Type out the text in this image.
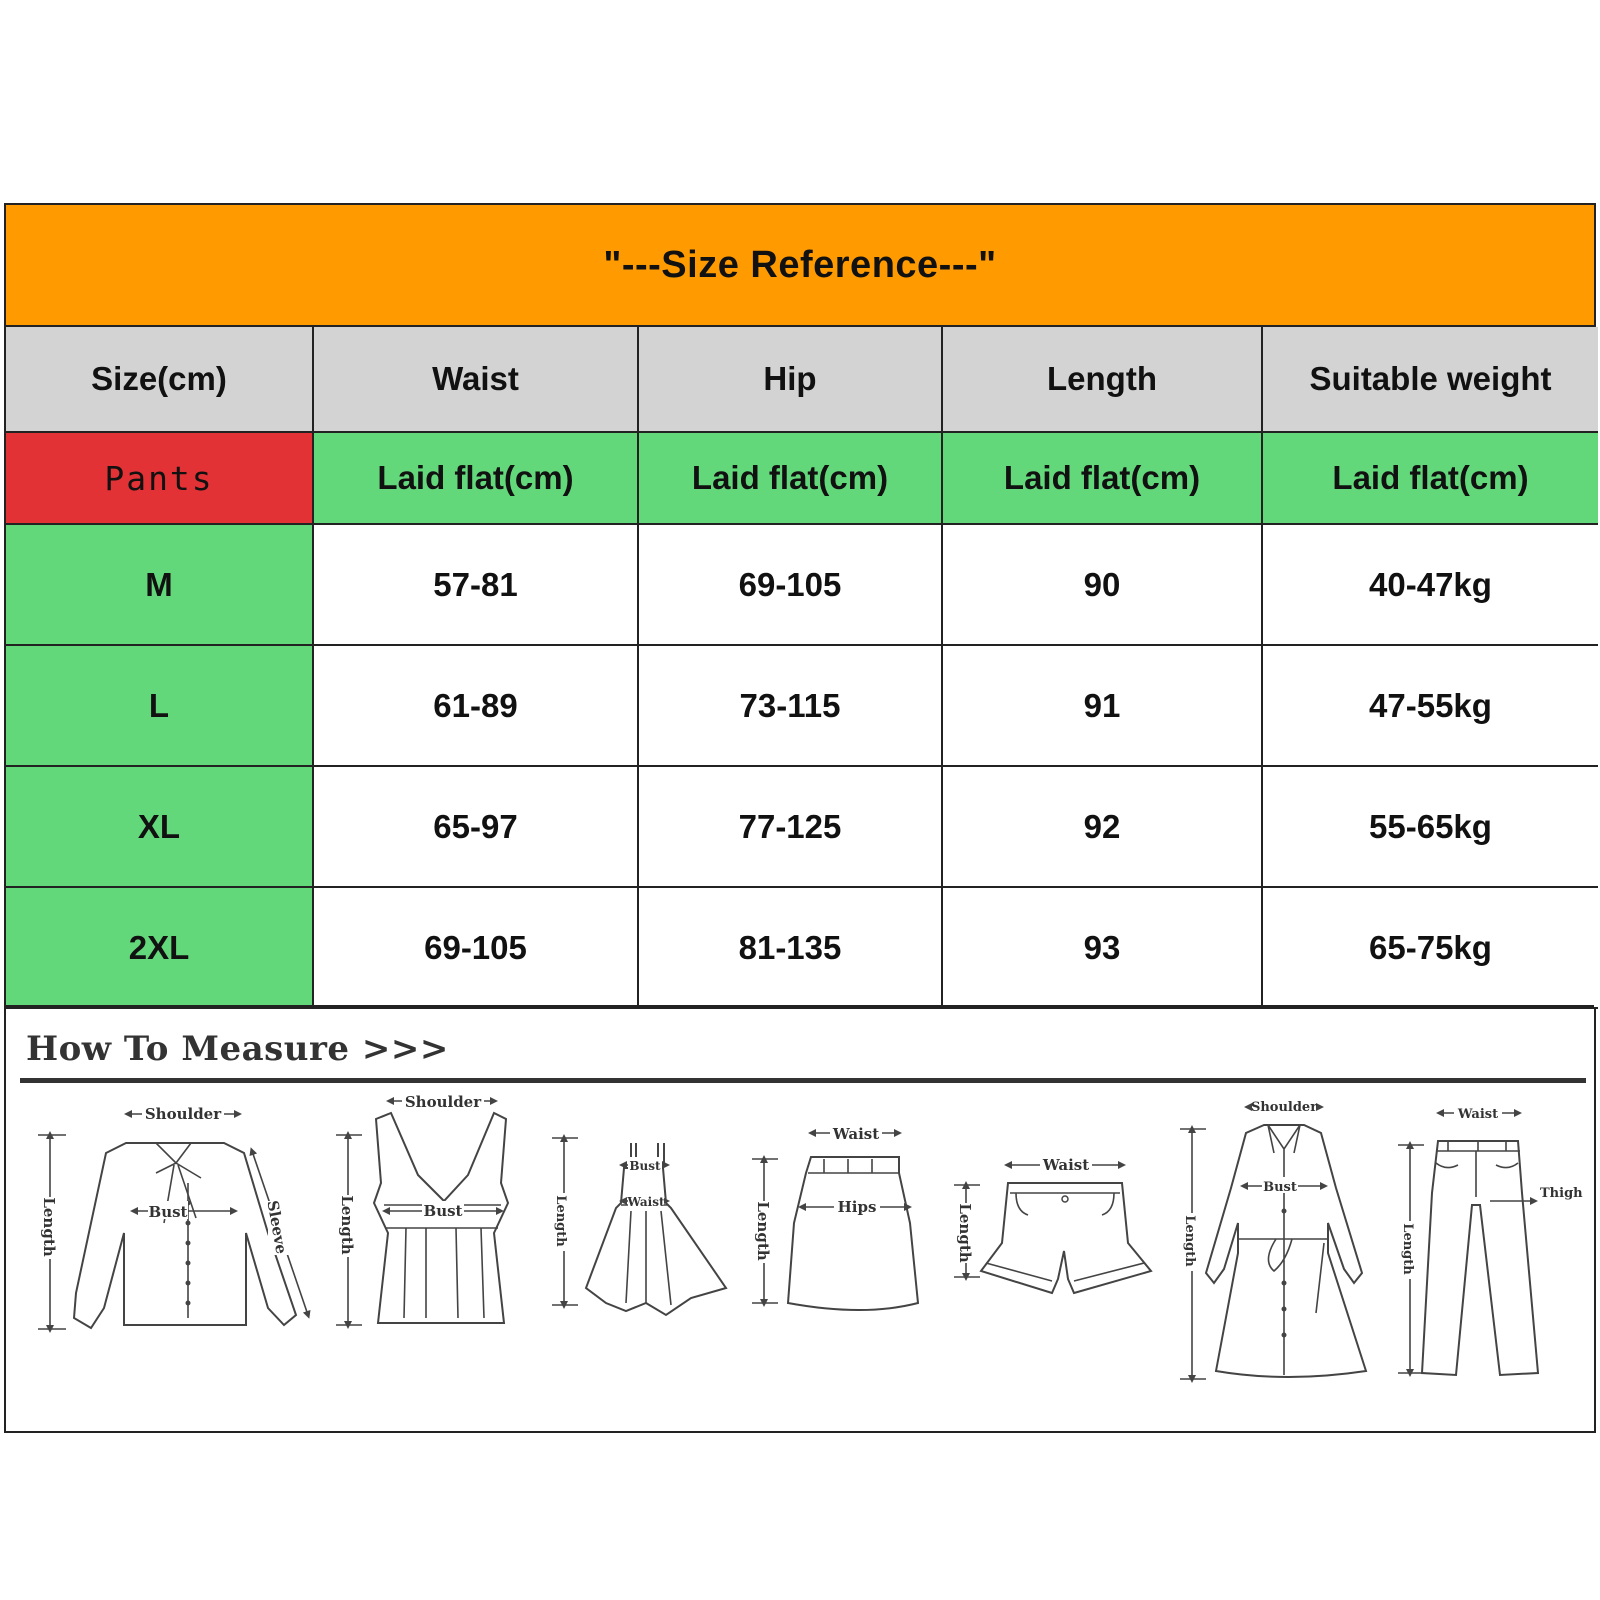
"---Size Reference---"
Size(cm)	Waist	Hip	Length	Suitable weight
Pants	Laid flat(cm)	Laid flat(cm)	Laid flat(cm)	Laid flat(cm)
M	57-81	69-105	90	40-47kg
L	61-89	73-115	91	47-55kg
XL	65-97	77-125	92	55-65kg
2XL	69-105	81-135	93	65-75kg
How To Measure >>>
Shoulder
Bust
Length	Sleeve
Shoulder
Bust
Length
Bust
Waist
Length
Waist
Hips
Length
Waist
Length
Shoulder
Bust
Length
Waist
Thigh
Length
